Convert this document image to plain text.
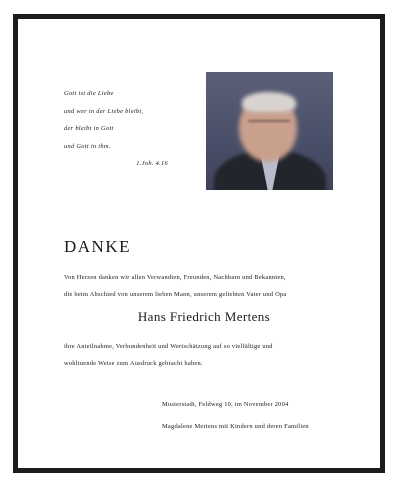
Gott ist die Liebe
und wer in der Liebe bleibt,
der bleibt in Gott
und Gott in ihm.
1.Joh. 4.16
DANKE
Von Herzen danken wir allen Verwandten, Freunden, Nachbarn und Bekannten,
die beim Abschied von unserem lieben Mann, unserem geliebten Vater und Opa
Hans Friedrich Mertens
ihre Anteilnahme, Verbundenheit und Wertschätzung auf so vielfältige und
wohltuende Weise zum Ausdruck gebracht haben.
Musterstadt, Feldweg 10, im November 2004
Magdalene Mertens mit Kindern und deren Familien
